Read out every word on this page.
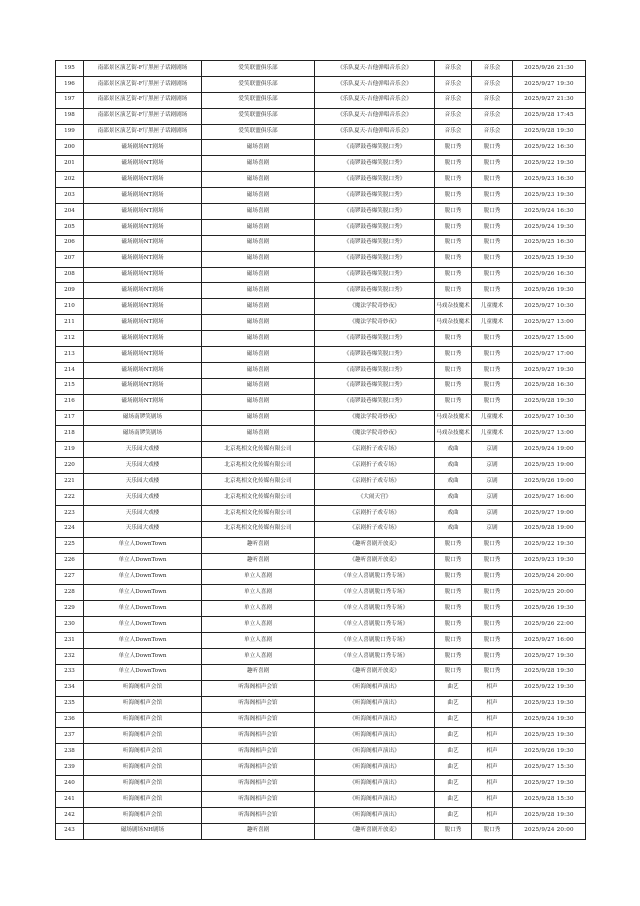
195	南邵景区演艺街-F厅黑匣子话剧剧场	爱笑联盟俱乐部	《乐队夏天-吉他弹唱音乐会》	音乐会	音乐会	2025/9/26 21:30
196	南邵景区演艺街-F厅黑匣子话剧剧场	爱笑联盟俱乐部	《乐队夏天-吉他弹唱音乐会》	音乐会	音乐会	2025/9/27 19:30
197	南邵景区演艺街-F厅黑匣子话剧剧场	爱笑联盟俱乐部	《乐队夏天-吉他弹唱音乐会》	音乐会	音乐会	2025/9/27 21:30
198	南邵景区演艺街-F厅黑匣子话剧剧场	爱笑联盟俱乐部	《乐队夏天-吉他弹唱音乐会》	音乐会	音乐会	2025/9/28 17:45
199	南邵景区演艺街-F厅黑匣子话剧剧场	爱笑联盟俱乐部	《乐队夏天-吉他弹唱音乐会》	音乐会	音乐会	2025/9/28 19:30
200	磁场剧场NT剧场	磁场喜剧	《南锣鼓巷爆笑脱口秀》	脱口秀	脱口秀	2025/9/22 16:30
201	磁场剧场NT剧场	磁场喜剧	《南锣鼓巷爆笑脱口秀》	脱口秀	脱口秀	2025/9/22 19:30
202	磁场剧场NT剧场	磁场喜剧	《南锣鼓巷爆笑脱口秀》	脱口秀	脱口秀	2025/9/23 16:30
203	磁场剧场NT剧场	磁场喜剧	《南锣鼓巷爆笑脱口秀》	脱口秀	脱口秀	2025/9/23 19:30
204	磁场剧场NT剧场	磁场喜剧	《南锣鼓巷爆笑脱口秀》	脱口秀	脱口秀	2025/9/24 16:30
205	磁场剧场NT剧场	磁场喜剧	《南锣鼓巷爆笑脱口秀》	脱口秀	脱口秀	2025/9/24 19:30
206	磁场剧场NT剧场	磁场喜剧	《南锣鼓巷爆笑脱口秀》	脱口秀	脱口秀	2025/9/25 16:30
207	磁场剧场NT剧场	磁场喜剧	《南锣鼓巷爆笑脱口秀》	脱口秀	脱口秀	2025/9/25 19:30
208	磁场剧场NT剧场	磁场喜剧	《南锣鼓巷爆笑脱口秀》	脱口秀	脱口秀	2025/9/26 16:30
209	磁场剧场NT剧场	磁场喜剧	《南锣鼓巷爆笑脱口秀》	脱口秀	脱口秀	2025/9/26 19:30
210	磁场剧场NT剧场	磁场喜剧	《魔法学院奇妙夜》	马戏杂技魔术	儿童魔术	2025/9/27 10:30
211	磁场剧场NT剧场	磁场喜剧	《魔法学院奇妙夜》	马戏杂技魔术	儿童魔术	2025/9/27 13:00
212	磁场剧场NT剧场	磁场喜剧	《南锣鼓巷爆笑脱口秀》	脱口秀	脱口秀	2025/9/27 15:00
213	磁场剧场NT剧场	磁场喜剧	《南锣鼓巷爆笑脱口秀》	脱口秀	脱口秀	2025/9/27 17:00
214	磁场剧场NT剧场	磁场喜剧	《南锣鼓巷爆笑脱口秀》	脱口秀	脱口秀	2025/9/27 19:30
215	磁场剧场NT剧场	磁场喜剧	《南锣鼓巷爆笑脱口秀》	脱口秀	脱口秀	2025/9/28 16:30
216	磁场剧场NT剧场	磁场喜剧	《南锣鼓巷爆笑脱口秀》	脱口秀	脱口秀	2025/9/28 19:30
217	磁场南锣笑剧场	磁场喜剧	《魔法学院奇妙夜》	马戏杂技魔术	儿童魔术	2025/9/27 10:30
218	磁场南锣笑剧场	磁场喜剧	《魔法学院奇妙夜》	马戏杂技魔术	儿童魔术	2025/9/27 13:00
219	天乐园大戏楼	北京兆相文化传媒有限公司	《京剧折子戏专场》	戏曲	京剧	2025/9/24 19:00
220	天乐园大戏楼	北京兆相文化传媒有限公司	《京剧折子戏专场》	戏曲	京剧	2025/9/25 19:00
221	天乐园大戏楼	北京兆相文化传媒有限公司	《京剧折子戏专场》	戏曲	京剧	2025/9/26 19:00
222	天乐园大戏楼	北京兆相文化传媒有限公司	《大闹天宫》	戏曲	京剧	2025/9/27 16:00
223	天乐园大戏楼	北京兆相文化传媒有限公司	《京剧折子戏专场》	戏曲	京剧	2025/9/27 19:00
224	天乐园大戏楼	北京兆相文化传媒有限公司	《京剧折子戏专场》	戏曲	京剧	2025/9/28 19:00
225	单立人DownTown	趣听喜剧	《趣听喜剧开放麦》	脱口秀	脱口秀	2025/9/22 19:30
226	单立人DownTown	趣听喜剧	《趣听喜剧开放麦》	脱口秀	脱口秀	2025/9/23 19:30
227	单立人DownTown	单立人喜剧	《单立人喜剧脱口秀专场》	脱口秀	脱口秀	2025/9/24 20:00
228	单立人DownTown	单立人喜剧	《单立人喜剧脱口秀专场》	脱口秀	脱口秀	2025/9/25 20:00
229	单立人DownTown	单立人喜剧	《单立人喜剧脱口秀专场》	脱口秀	脱口秀	2025/9/26 19:30
230	单立人DownTown	单立人喜剧	《单立人喜剧脱口秀专场》	脱口秀	脱口秀	2025/9/26 22:00
231	单立人DownTown	单立人喜剧	《单立人喜剧脱口秀专场》	脱口秀	脱口秀	2025/9/27 16:00
232	单立人DownTown	单立人喜剧	《单立人喜剧脱口秀专场》	脱口秀	脱口秀	2025/9/27 19:30
233	单立人DownTown	趣听喜剧	《趣听喜剧开放麦》	脱口秀	脱口秀	2025/9/28 19:30
234	听海阁相声会馆	听海阁相声会馆	《听海阁相声演出》	曲艺	相声	2025/9/22 19:30
235	听海阁相声会馆	听海阁相声会馆	《听海阁相声演出》	曲艺	相声	2025/9/23 19:30
236	听海阁相声会馆	听海阁相声会馆	《听海阁相声演出》	曲艺	相声	2025/9/24 19:30
237	听海阁相声会馆	听海阁相声会馆	《听海阁相声演出》	曲艺	相声	2025/9/25 19:30
238	听海阁相声会馆	听海阁相声会馆	《听海阁相声演出》	曲艺	相声	2025/9/26 19:30
239	听海阁相声会馆	听海阁相声会馆	《听海阁相声演出》	曲艺	相声	2025/9/27 15:30
240	听海阁相声会馆	听海阁相声会馆	《听海阁相声演出》	曲艺	相声	2025/9/27 19:30
241	听海阁相声会馆	听海阁相声会馆	《听海阁相声演出》	曲艺	相声	2025/9/28 15:30
242	听海阁相声会馆	听海阁相声会馆	《听海阁相声演出》	曲艺	相声	2025/9/28 19:30
243	磁场剧场NH剧场	趣听喜剧	《趣听喜剧开放麦》	脱口秀	脱口秀	2025/9/24 20:00
